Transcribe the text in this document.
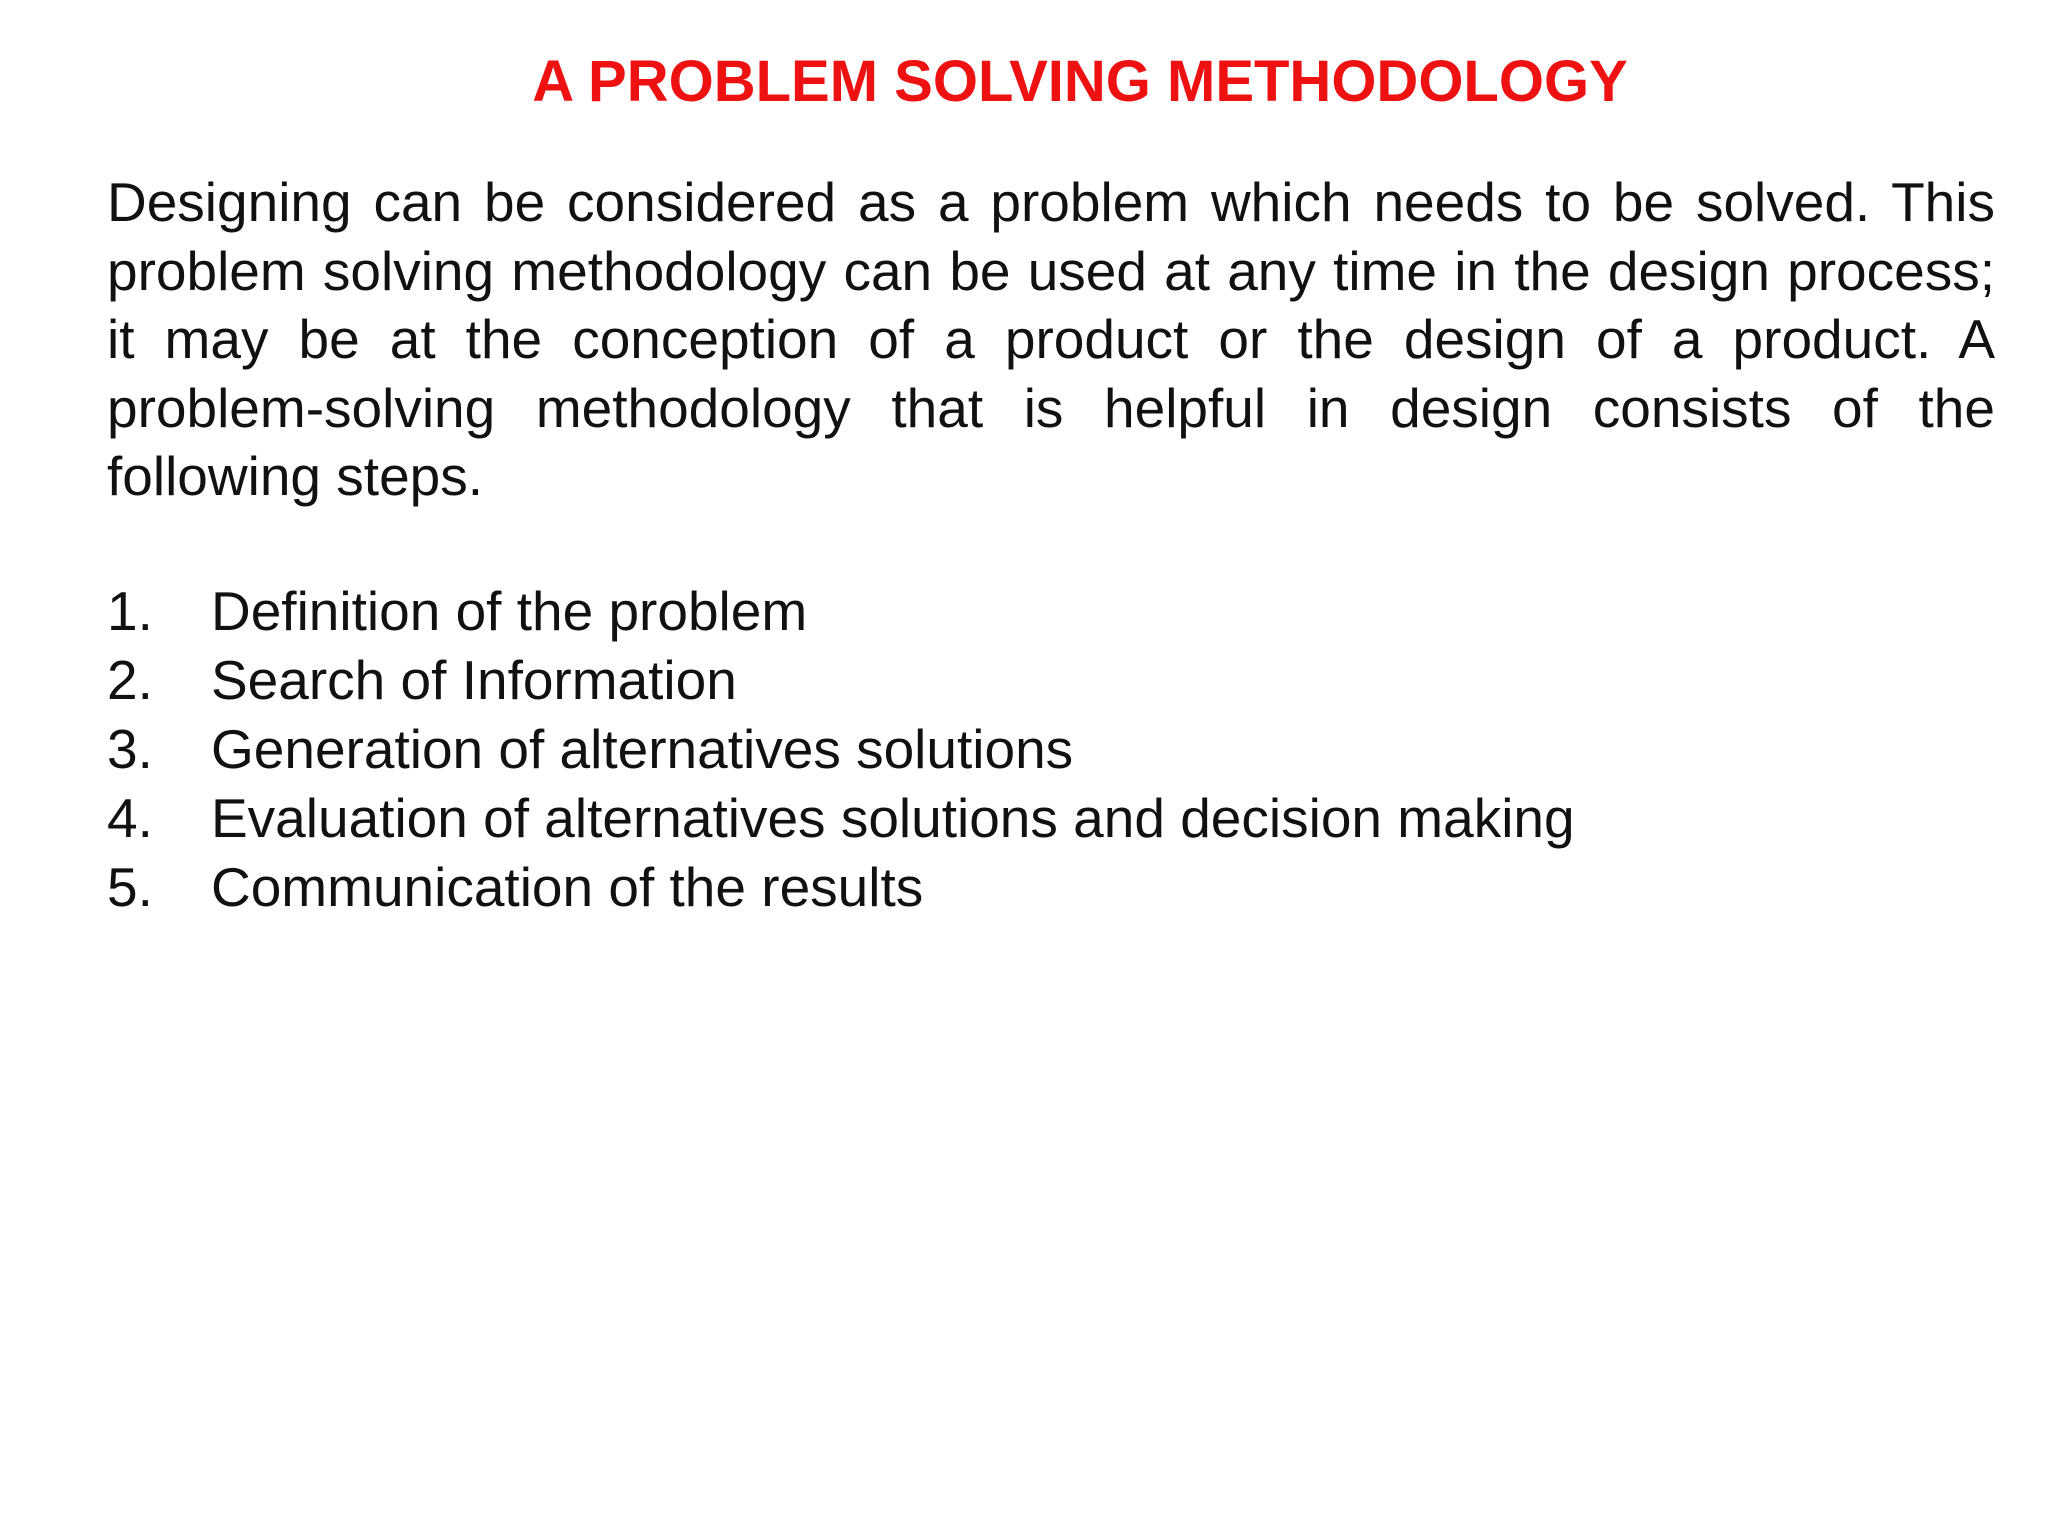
A PROBLEM SOLVING METHODOLOGY

Designing can be considered as a problem which needs to be solved. This problem solving methodology can be used at any time in the design process; it may be at the conception of a product or the design of a product. A problem-solving methodology that is helpful in design consists of the following steps.

1.	Definition of the problem
2.	Search of Information
3.	Generation of alternatives solutions
4.	Evaluation of alternatives solutions and decision making
5.	Communication of the results
